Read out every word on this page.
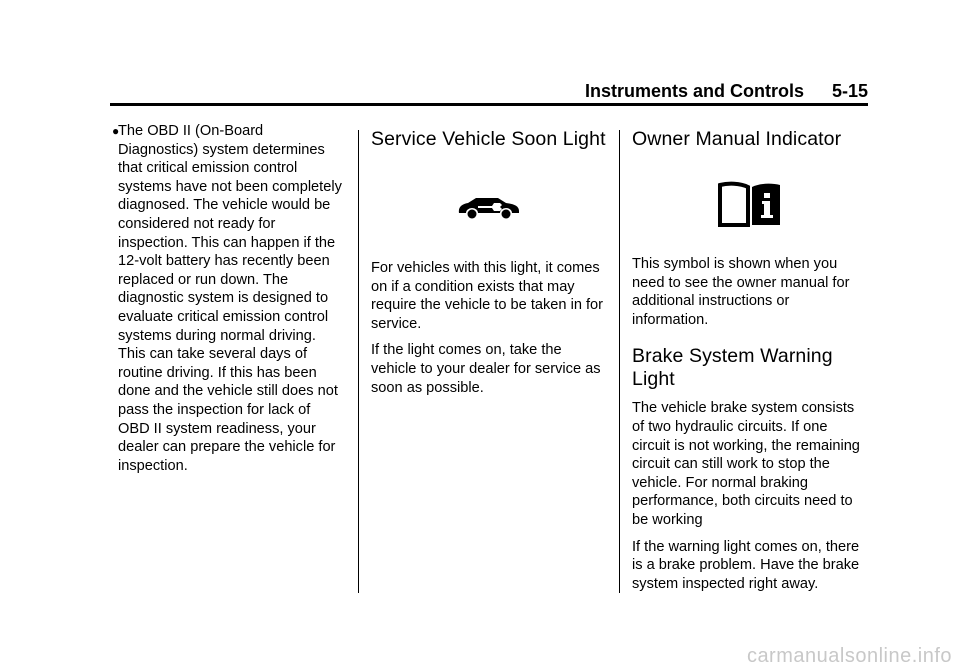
Instruments and Controls 5-15
●

The OBD II (On-Board Diagnostics) system determines that critical emission control systems have not been completely diagnosed. The vehicle would be considered not ready for inspection. This can happen if the 12-volt battery has recently been replaced or run down. The diagnostic system is designed to evaluate critical emission control systems during normal driving. This can take several days of routine driving. If this has been done and the vehicle still does not pass the inspection for lack of OBD II system readiness, your dealer can prepare the vehicle for inspection.

Service Vehicle Soon Light

For vehicles with this light, it comes on if a condition exists that may require the vehicle to be taken in for service.

If the light comes on, take the vehicle to your dealer for service as soon as possible.

Owner Manual Indicator

This symbol is shown when you need to see the owner manual for additional instructions or information.

Brake System Warning Light

The vehicle brake system consists of two hydraulic circuits. If one circuit is not working, the remaining circuit can still work to stop the vehicle. For normal braking performance, both circuits need to be working

If the warning light comes on, there is a brake problem. Have the brake system inspected right away.

carmanualsonline.info
